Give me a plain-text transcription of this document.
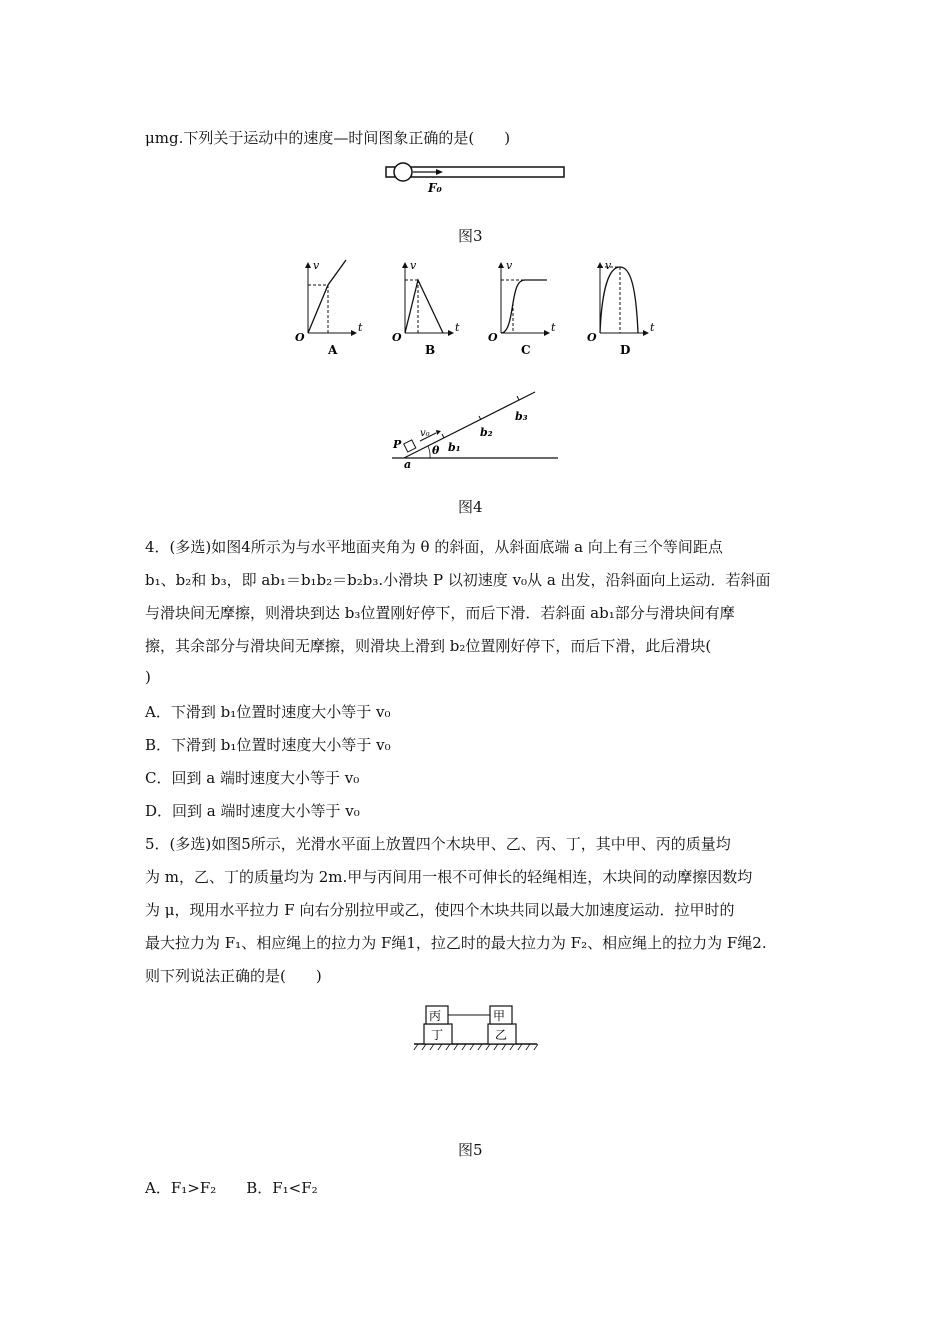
μmg.下列关于运动中的速度—时间图象正确的是(　　)
F₀
图3
v
t
O
A
v
t
O
B
v
t
O
C
v
t
O
D
P
a
v₀
θ b₁
b₂
b₃
图4
4．(多选)如图4所示为与水平地面夹角为 θ 的斜面，从斜面底端 a 向上有三个等间距点
b₁、b₂和 b₃，即 ab₁＝b₁b₂＝b₂b₃.小滑块 P 以初速度 v₀从 a 出发，沿斜面向上运动．若斜面
与滑块间无摩擦，则滑块到达 b₃位置刚好停下，而后下滑．若斜面 ab₁部分与滑块间有摩
擦，其余部分与滑块间无摩擦，则滑块上滑到 b₂位置刚好停下，而后下滑，此后滑块(
)
A．下滑到 b₁位置时速度大小等于 v₀
B．下滑到 b₁位置时速度大小等于 v₀
C．回到 a 端时速度大小等于 v₀
D．回到 a 端时速度大小等于 v₀
5．(多选)如图5所示，光滑水平面上放置四个木块甲、乙、丙、丁，其中甲、丙的质量均
为 m，乙、丁的质量均为 2m.甲与丙间用一根不可伸长的轻绳相连，木块间的动摩擦因数均
为 μ，现用水平拉力 F 向右分别拉甲或乙，使四个木块共同以最大加速度运动．拉甲时的
最大拉力为 F₁、相应绳上的拉力为 F绳1，拉乙时的最大拉力为 F₂、相应绳上的拉力为 F绳2.
则下列说法正确的是(　　)
丙	甲
丁	乙
图5
A．F₁>F₂　　B．F₁<F₂
